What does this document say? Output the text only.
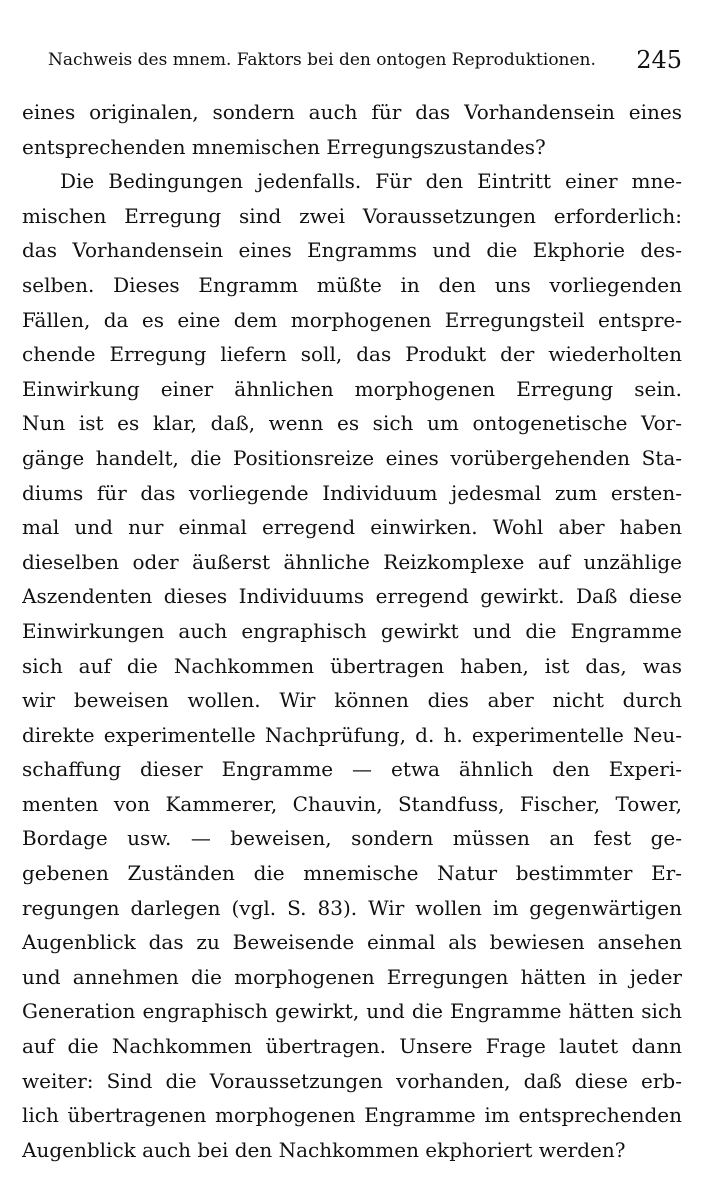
Nachweis des mnem. Faktors bei den ontogen Reproduktionen. 245
eines originalen, sondern auch für das Vorhandensein eines
entsprechenden mnemischen Erregungszustandes?
Die Bedingungen jedenfalls. Für den Eintritt einer mne-
mischen Erregung sind zwei Voraussetzungen erforderlich:
das Vorhandensein eines Engramms und die Ekphorie des-
selben. Dieses Engramm müßte in den uns vorliegenden
Fällen, da es eine dem morphogenen Erregungsteil entspre-
chende Erregung liefern soll, das Produkt der wiederholten
Einwirkung einer ähnlichen morphogenen Erregung sein.
Nun ist es klar, daß, wenn es sich um ontogenetische Vor-
gänge handelt, die Positionsreize eines vorübergehenden Sta-
diums für das vorliegende Individuum jedesmal zum ersten-
mal und nur einmal erregend einwirken. Wohl aber haben
dieselben oder äußerst ähnliche Reizkomplexe auf unzählige
Aszendenten dieses Individuums erregend gewirkt. Daß diese
Einwirkungen auch engraphisch gewirkt und die Engramme
sich auf die Nachkommen übertragen haben, ist das, was
wir beweisen wollen. Wir können dies aber nicht durch
direkte experimentelle Nachprüfung, d. h. experimentelle Neu-
schaffung dieser Engramme — etwa ähnlich den Experi-
menten von Kammerer, Chauvin, Standfuss, Fischer, Tower,
Bordage usw. — beweisen, sondern müssen an fest ge-
gebenen Zuständen die mnemische Natur bestimmter Er-
regungen darlegen (vgl. S. 83). Wir wollen im gegenwärtigen
Augenblick das zu Beweisende einmal als bewiesen ansehen
und annehmen die morphogenen Erregungen hätten in jeder
Generation engraphisch gewirkt, und die Engramme hätten sich
auf die Nachkommen übertragen. Unsere Frage lautet dann
weiter: Sind die Voraussetzungen vorhanden, daß diese erb-
lich übertragenen morphogenen Engramme im entsprechenden
Augenblick auch bei den Nachkommen ekphoriert werden?
